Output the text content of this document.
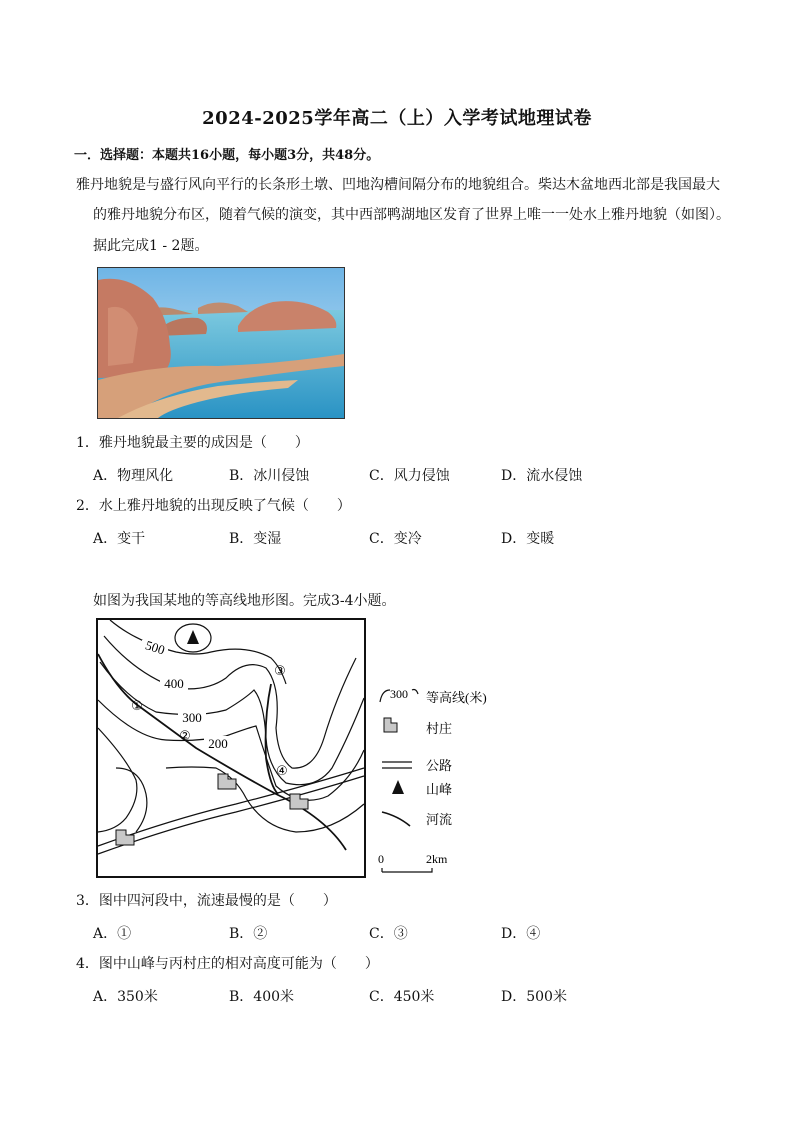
2024-2025学年高二（上）入学考试地理试卷
一．选择题：本题共16小题，每小题3分，共48分。
雅丹地貌是与盛行风向平行的长条形土墩、凹地沟槽间隔分布的地貌组合。柴达木盆地西北部是我国最大
的雅丹地貌分布区，随着气候的演变，其中西部鸭湖地区发育了世界上唯一一处水上雅丹地貌（如图）。
据此完成1 - 2题。
1．雅丹地貌最主要的成因是（　　）
A．物理风化	B．冰川侵蚀	C．风力侵蚀	D．流水侵蚀
2．水上雅丹地貌的出现反映了气候（　　）
A．变干	B．变湿	C．变冷	D．变暖
如图为我国某地的等高线地形图。完成3-4小题。
500
400
300
200
①
②
③
④
300 等高线(米)
村庄
公路
山峰
河流
0	2km
3．图中四河段中，流速最慢的是（　　）
A．①	B．②	C．③	D．④
4．图中山峰与丙村庄的相对高度可能为（　　）
A．350米	B．400米	C．450米	D．500米
